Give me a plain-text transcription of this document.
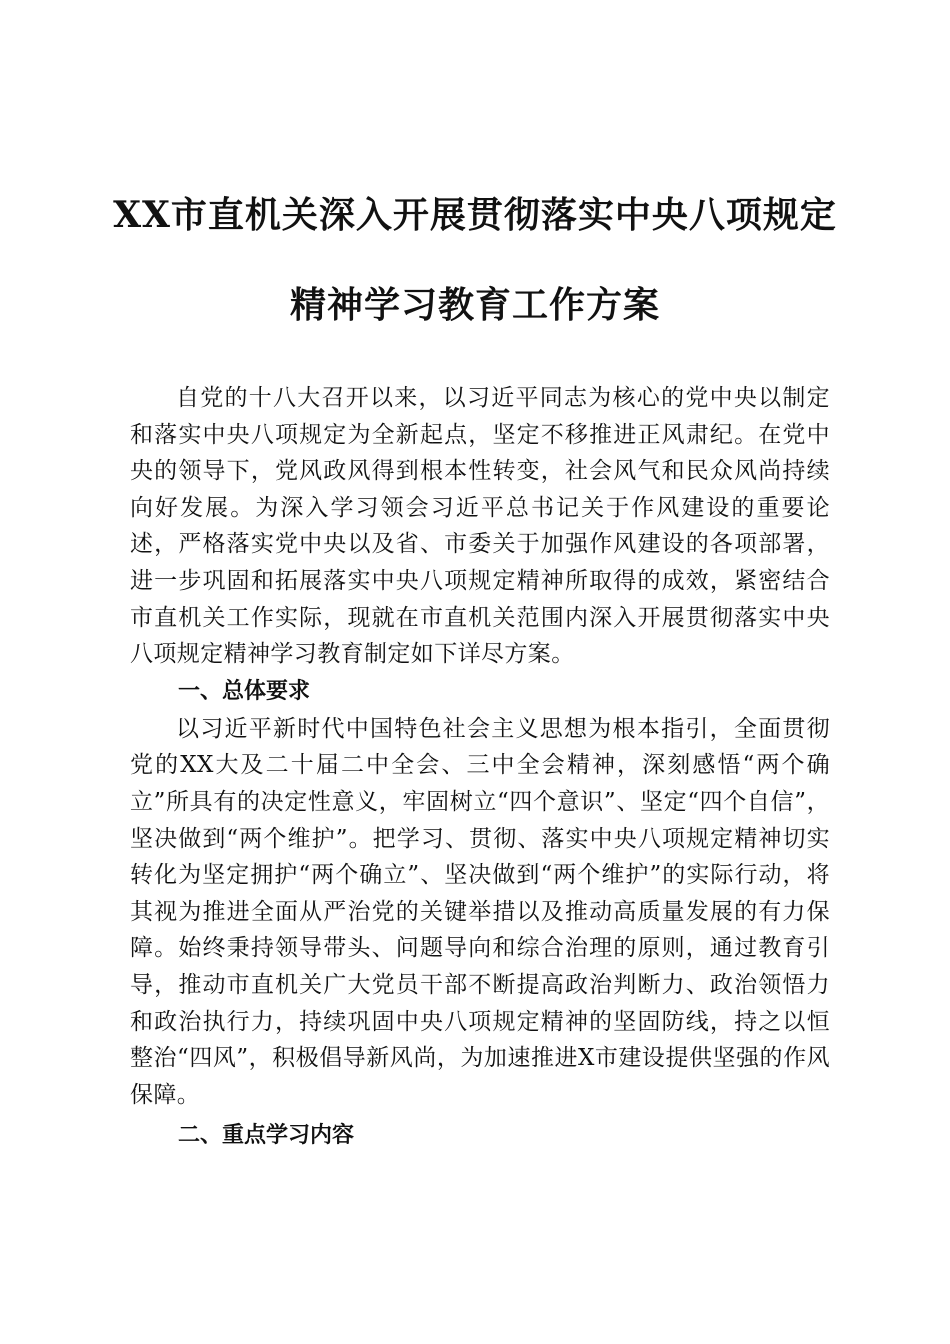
XX市直机关深入开展贯彻落实中央八项规定

精神学习教育工作方案

自党的十八大召开以来，以习近平同志为核心的党中央以制定和落实中央八项规定为全新起点，坚定不移推进正风肃纪。在党中央的领导下，党风政风得到根本性转变，社会风气和民众风尚持续向好发展。为深入学习领会习近平总书记关于作风建设的重要论述，严格落实党中央以及省、市委关于加强作风建设的各项部署，进一步巩固和拓展落实中央八项规定精神所取得的成效，紧密结合市直机关工作实际，现就在市直机关范围内深入开展贯彻落实中央八项规定精神学习教育制定如下详尽方案。

一、总体要求

以习近平新时代中国特色社会主义思想为根本指引，全面贯彻党的XX大及二十届二中全会、三中全会精神，深刻感悟“两个确立”所具有的决定性意义，牢固树立“四个意识”、坚定“四个自信”，坚决做到“两个维护”。把学习、贯彻、落实中央八项规定精神切实转化为坚定拥护“两个确立”、坚决做到“两个维护”的实际行动，将其视为推进全面从严治党的关键举措以及推动高质量发展的有力保障。始终秉持领导带头、问题导向和综合治理的原则，通过教育引导，推动市直机关广大党员干部不断提高政治判断力、政治领悟力和政治执行力，持续巩固中央八项规定精神的坚固防线，持之以恒整治“四风”，积极倡导新风尚，为加速推进X市建设提供坚强的作风保障。

二、重点学习内容
